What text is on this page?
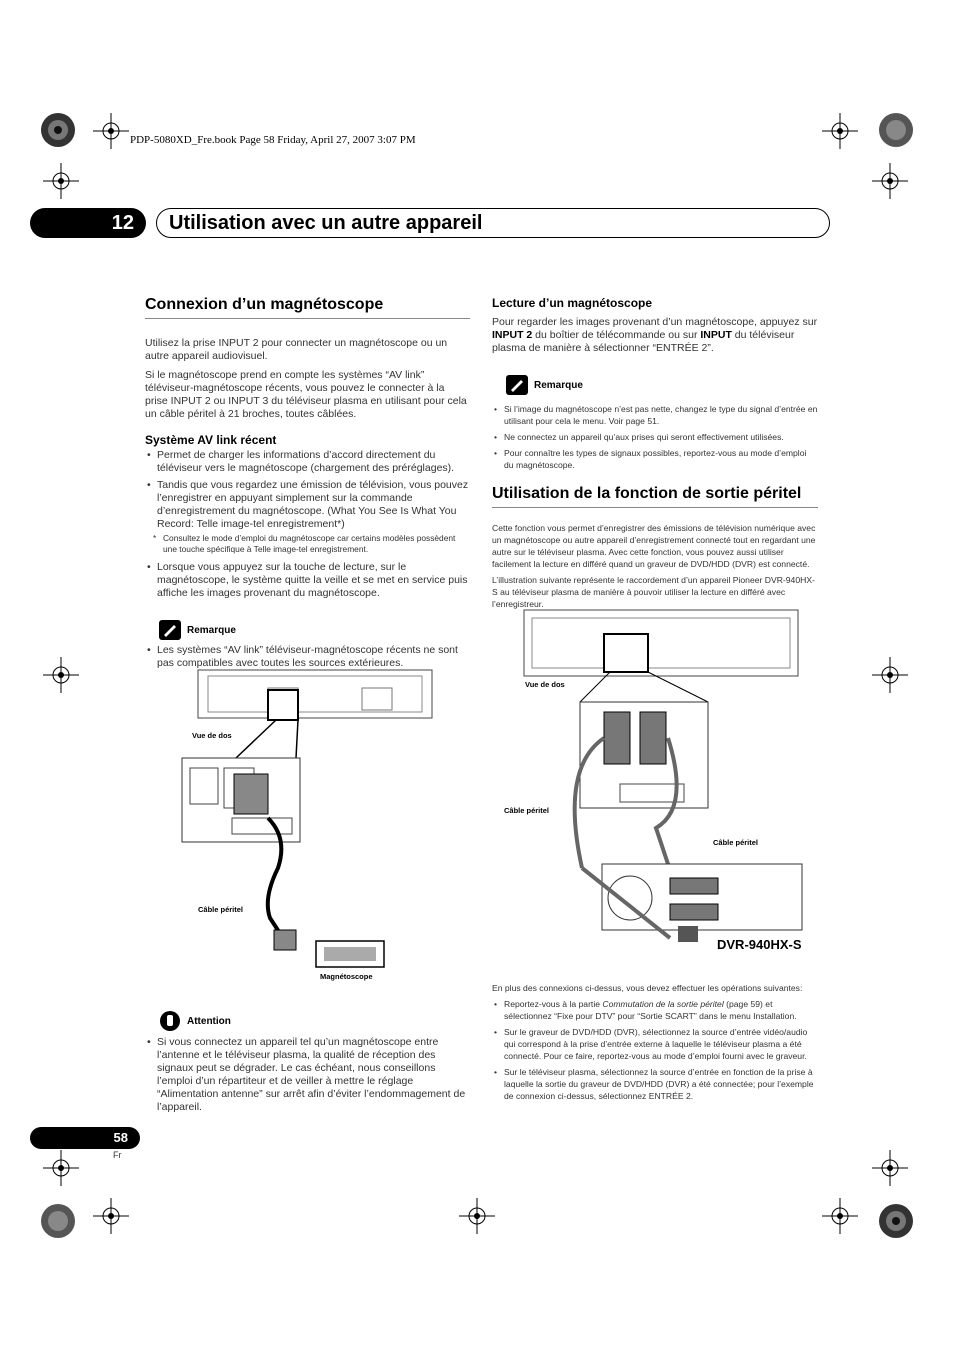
PDP-5080XD_Fre.book Page 58 Friday, April 27, 2007 3:07 PM
12	Utilisation avec un autre appareil
Connexion d’un magnétoscope

Utilisez la prise INPUT 2 pour connecter un magnétoscope ou un autre appareil audiovisuel.

Si le magnétoscope prend en compte les systèmes “AV link” téléviseur-magnétoscope récents, vous pouvez le connecter à la prise INPUT 2 ou INPUT 3 du téléviseur plasma en utilisant pour cela un câble péritel à 21 broches, toutes câblées.

Système AV link récent
• Permet de charger les informations d’accord directement du téléviseur vers le magnétoscope (chargement des préréglages).
• Tandis que vous regardez une émission de télévision, vous pouvez l’enregistrer en appuyant simplement sur la commande d’enregistrement du magnétoscope. (What You See Is What You Record: Telle image-tel enregistrement*)
* Consultez le mode d’emploi du magnétoscope car certains modèles possèdent une touche spécifique à Telle image-tel enregistrement.
• Lorsque vous appuyez sur la touche de lecture, sur le magnétoscope, le système quitte la veille et se met en service puis affiche les images provenant du magnétoscope.
Remarque
• Les systèmes “AV link” téléviseur-magnétoscope récents ne sont pas compatibles avec toutes les sources extérieures.
Vue de dos
Câble péritel
Magnétoscope
Attention
• Si vous connectez un appareil tel qu’un magnétoscope entre l’antenne et le téléviseur plasma, la qualité de réception des signaux peut se dégrader. Le cas échéant, nous conseillons l’emploi d’un répartiteur et de veiller à mettre le réglage “Alimentation antenne” sur arrêt afin d’éviter l’endommagement de l’appareil.
Lecture d’un magnétoscope

Pour regarder les images provenant d’un magnétoscope, appuyez sur INPUT 2 du boîtier de télécommande ou sur INPUT du téléviseur plasma de manière à sélectionner “ENTRÉE 2”.

Remarque
• Si l’image du magnétoscope n’est pas nette, changez le type du signal d’entrée en utilisant pour cela le menu. Voir page 51.
• Ne connectez un appareil qu’aux prises qui seront effectivement utilisées.
• Pour connaître les types de signaux possibles, reportez-vous au mode d’emploi du magnétoscope.
Utilisation de la fonction de sortie péritel

Cette fonction vous permet d’enregistrer des émissions de télévision numérique avec un magnétoscope ou autre appareil d’enregistrement connecté tout en regardant une autre sur le téléviseur plasma. Avec cette fonction, vous pouvez aussi utiliser facilement la lecture en différé quand un graveur de DVD/HDD (DVR) est connecté.

L’illustration suivante représente le raccordement d’un appareil Pioneer DVR-940HX-S au téléviseur plasma de manière à pouvoir utiliser la lecture en différé avec l’enregistreur.

Vue de dos
Câble péritel
Câble péritel
DVR-940HX-S

En plus des connexions ci-dessus, vous devez effectuer les opérations suivantes:

• Reportez-vous à la partie Commutation de la sortie péritel (page 59) et sélectionnez “Fixe pour DTV” pour “Sortie SCART” dans le menu Installation.
• Sur le graveur de DVD/HDD (DVR), sélectionnez la source d’entrée vidéo/audio qui correspond à la prise d’entrée externe à laquelle le téléviseur plasma a été connecté. Pour ce faire, reportez-vous au mode d’emploi fourni avec le graveur.
• Sur le téléviseur plasma, sélectionnez la source d’entrée en fonction de la prise à laquelle la sortie du graveur de DVD/HDD (DVR) a été connectée; pour l’exemple de connexion ci-dessus, sélectionnez ENTRÉE 2.
58
Fr
